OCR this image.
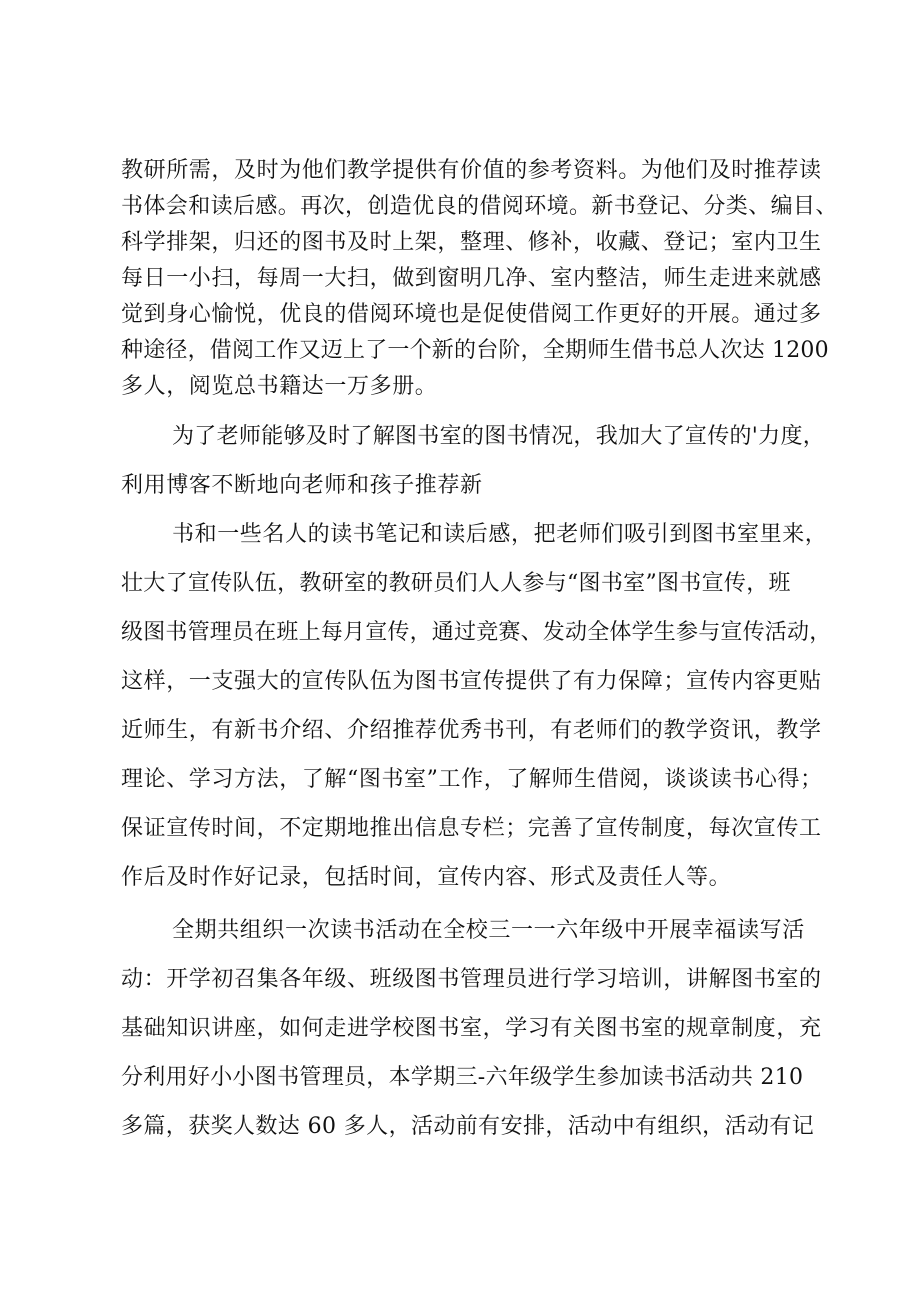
教研所需，及时为他们教学提供有价值的参考资料。为他们及时推荐读

书体会和读后感。再次，创造优良的借阅环境。新书登记、分类、编目、

科学排架，归还的图书及时上架，整理、修补，收藏、登记；室内卫生

每日一小扫，每周一大扫，做到窗明几净、室内整洁，师生走进来就感

觉到身心愉悦，优良的借阅环境也是促使借阅工作更好的开展。通过多

种途径，借阅工作又迈上了一个新的台阶，全期师生借书总人次达 1200

多人，阅览总书籍达一万多册。

为了老师能够及时了解图书室的图书情况，我加大了宣传的'力度，

利用博客不断地向老师和孩子推荐新

书和一些名人的读书笔记和读后感，把老师们吸引到图书室里来，

壮大了宣传队伍，教研室的教研员们人人参与“图书室”图书宣传，班

级图书管理员在班上每月宣传，通过竞赛、发动全体学生参与宣传活动，

这样，一支强大的宣传队伍为图书宣传提供了有力保障；宣传内容更贴

近师生，有新书介绍、介绍推荐优秀书刊，有老师们的教学资讯，教学

理论、学习方法，了解“图书室”工作，了解师生借阅，谈谈读书心得；

保证宣传时间，不定期地推出信息专栏；完善了宣传制度，每次宣传工

作后及时作好记录，包括时间，宣传内容、形式及责任人等。

全期共组织一次读书活动在全校三一一六年级中开展幸福读写活

动：开学初召集各年级、班级图书管理员进行学习培训，讲解图书室的

基础知识讲座，如何走进学校图书室，学习有关图书室的规章制度，充

分利用好小小图书管理员，本学期三-六年级学生参加读书活动共 210

多篇，获奖人数达 60 多人，活动前有安排，活动中有组织，活动有记
